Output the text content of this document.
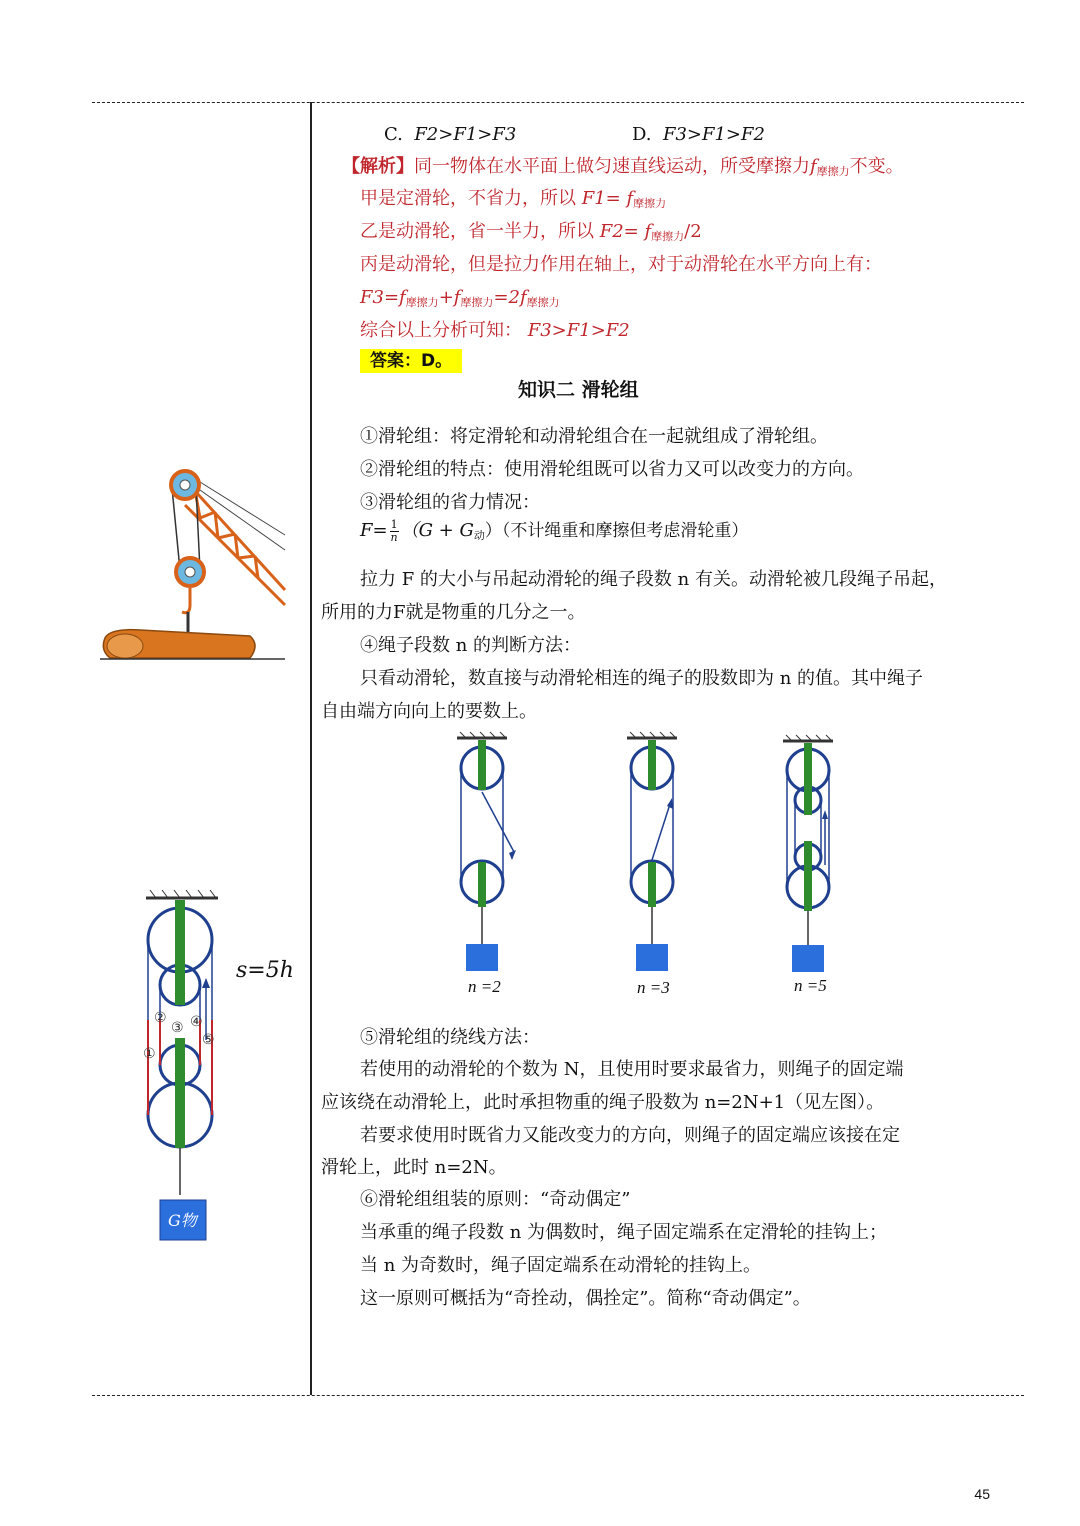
C. F2>F1>F3	D. F3>F1>F2
【解析】同一物体在水平面上做匀速直线运动，所受摩擦力$f_{摩擦力}$不变。
甲是定滑轮，不省力，所以 $F1= f_{摩擦力}$
乙是动滑轮，省一半力，所以 $F2= f_{摩擦力}/2$
丙是动滑轮，但是拉力作用在轴上，对于动滑轮在水平方向上有：
$F3=f_{摩擦力}+f_{摩擦力}=2f_{摩擦力}$
综合以上分析可知： F3>F1>F2
答案：D。
知识二 滑轮组
①滑轮组：将定滑轮和动滑轮组合在一起就组成了滑轮组。
②滑轮组的特点：使用滑轮组既可以省力又可以改变力的方向。
③滑轮组的省力情况：
$F= \frac{1}{n} (G + G_动)$（不计绳重和摩擦但考虑滑轮重）
拉力 F 的大小与吊起动滑轮的绳子段数 n 有关。动滑轮被几段绳子吊起，
所用的力F就是物重的几分之一。
④绳子段数 n 的判断方法：
只看动滑轮，数直接与动滑轮相连的绳子的股数即为 n 的值。其中绳子
自由端方向向上的要数上。
⑤滑轮组的绕线方法：
若使用的动滑轮的个数为 N，且使用时要求最省力，则绳子的固定端
应该绕在动滑轮上，此时承担物重的绳子股数为 n=2N+1（见左图）。
若要求使用时既省力又能改变力的方向，则绳子的固定端应该接在定
滑轮上，此时 n=2N。
⑥滑轮组组装的原则：“奇动偶定”
当承重的绳子段数 n 为偶数时，绳子固定端系在定滑轮的挂钩上；
当 n 为奇数时，绳子固定端系在动滑轮的挂钩上。
这一原则可概括为“奇拴动，偶拴定”。简称“奇动偶定”。
n =2	n =3	n =5
①
②
③ ④
⑤
G物
s=5h
45
